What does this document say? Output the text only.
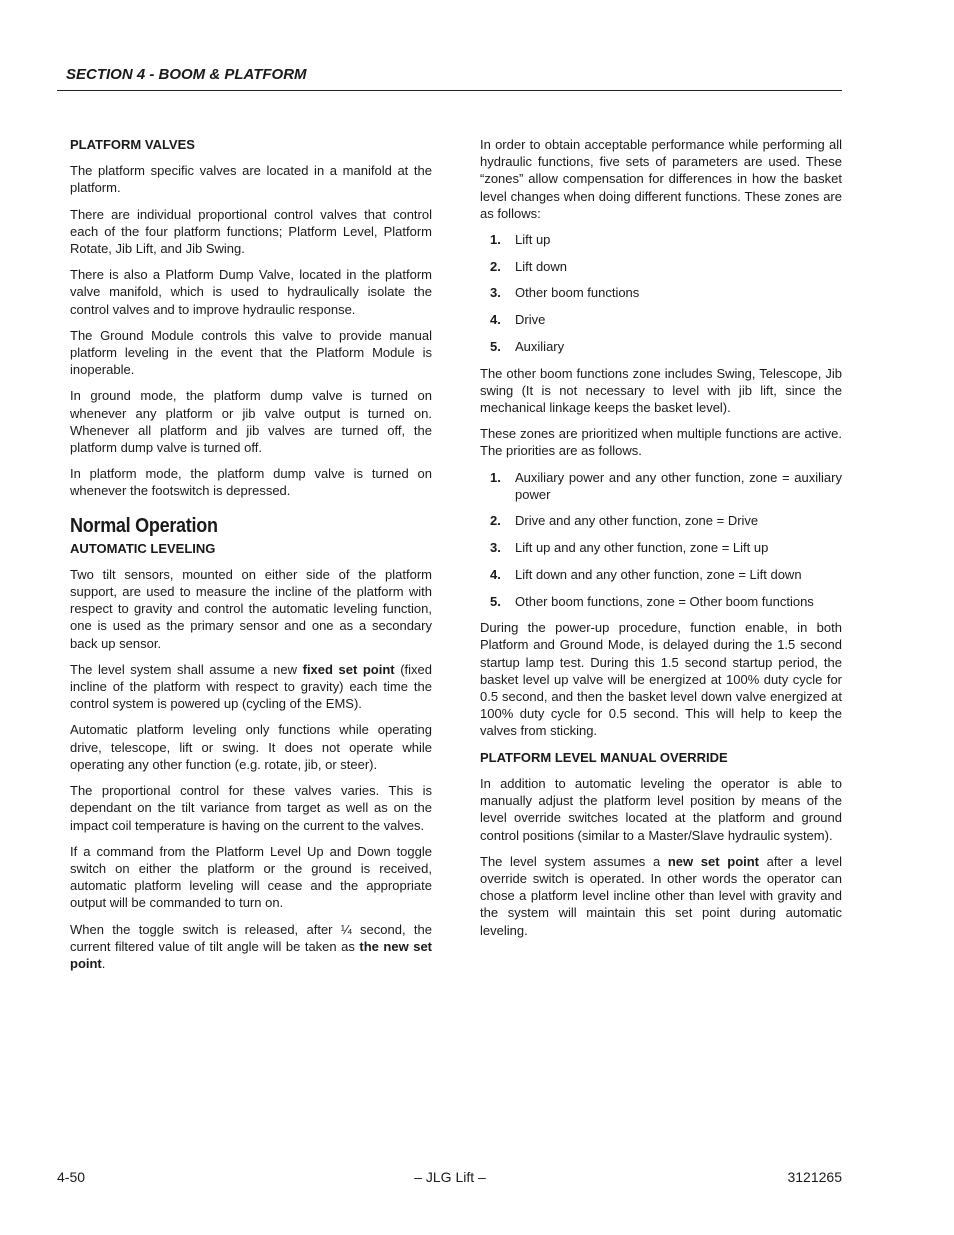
SECTION 4 - BOOM & PLATFORM
PLATFORM VALVES

The platform specific valves are located in a manifold at the platform.

There are individual proportional control valves that control each of the four platform functions; Platform Level, Platform Rotate, Jib Lift, and Jib Swing.

There is also a Platform Dump Valve, located in the platform valve manifold, which is used to hydraulically isolate the control valves and to improve hydraulic response.

The Ground Module controls this valve to provide manual platform leveling in the event that the Platform Module is inoperable.

In ground mode, the platform dump valve is turned on whenever any platform or jib valve output is turned on. Whenever all platform and jib valves are turned off, the platform dump valve is turned off.

In platform mode, the platform dump valve is turned on whenever the footswitch is depressed.

Normal Operation
AUTOMATIC LEVELING

Two tilt sensors, mounted on either side of the platform support, are used to measure the incline of the platform with respect to gravity and control the automatic leveling function, one is used as the primary sensor and one as a secondary back up sensor.

The level system shall assume a new fixed set point (fixed incline of the platform with respect to gravity) each time the control system is powered up (cycling of the EMS).

Automatic platform leveling only functions while operating drive, telescope, lift or swing. It does not operate while operating any other function (e.g. rotate, jib, or steer).

The proportional control for these valves varies. This is dependant on the tilt variance from target as well as on the impact coil temperature is having on the current to the valves.

If a command from the Platform Level Up and Down toggle switch on either the platform or the ground is received, automatic platform leveling will cease and the appropriate output will be commanded to turn on.

When the toggle switch is released, after ¼ second, the current filtered value of tilt angle will be taken as the new set point.

In order to obtain acceptable performance while performing all hydraulic functions, five sets of parameters are used. These “zones” allow compensation for differences in how the basket level changes when doing different functions. These zones are as follows:

1. Lift up
2. Lift down
3. Other boom functions
4. Drive
5. Auxiliary

The other boom functions zone includes Swing, Telescope, Jib swing (It is not necessary to level with jib lift, since the mechanical linkage keeps the basket level).

These zones are prioritized when multiple functions are active. The priorities are as follows.

1. Auxiliary power and any other function, zone = auxiliary power
2. Drive and any other function, zone = Drive
3. Lift up and any other function, zone = Lift up
4. Lift down and any other function, zone = Lift down
5. Other boom functions, zone = Other boom functions

During the power-up procedure, function enable, in both Platform and Ground Mode, is delayed during the 1.5 second startup lamp test. During this 1.5 second startup period, the basket level up valve will be energized at 100% duty cycle for 0.5 second, and then the basket level down valve energized at 100% duty cycle for 0.5 second. This will help to keep the valves from sticking.

PLATFORM LEVEL MANUAL OVERRIDE

In addition to automatic leveling the operator is able to manually adjust the platform level position by means of the level override switches located at the platform and ground control positions (similar to a Master/Slave hydraulic system).

The level system assumes a new set point after a level override switch is operated. In other words the operator can chose a platform level incline other than level with gravity and the system will maintain this set point during automatic leveling.

4-50	– JLG Lift –	3121265
